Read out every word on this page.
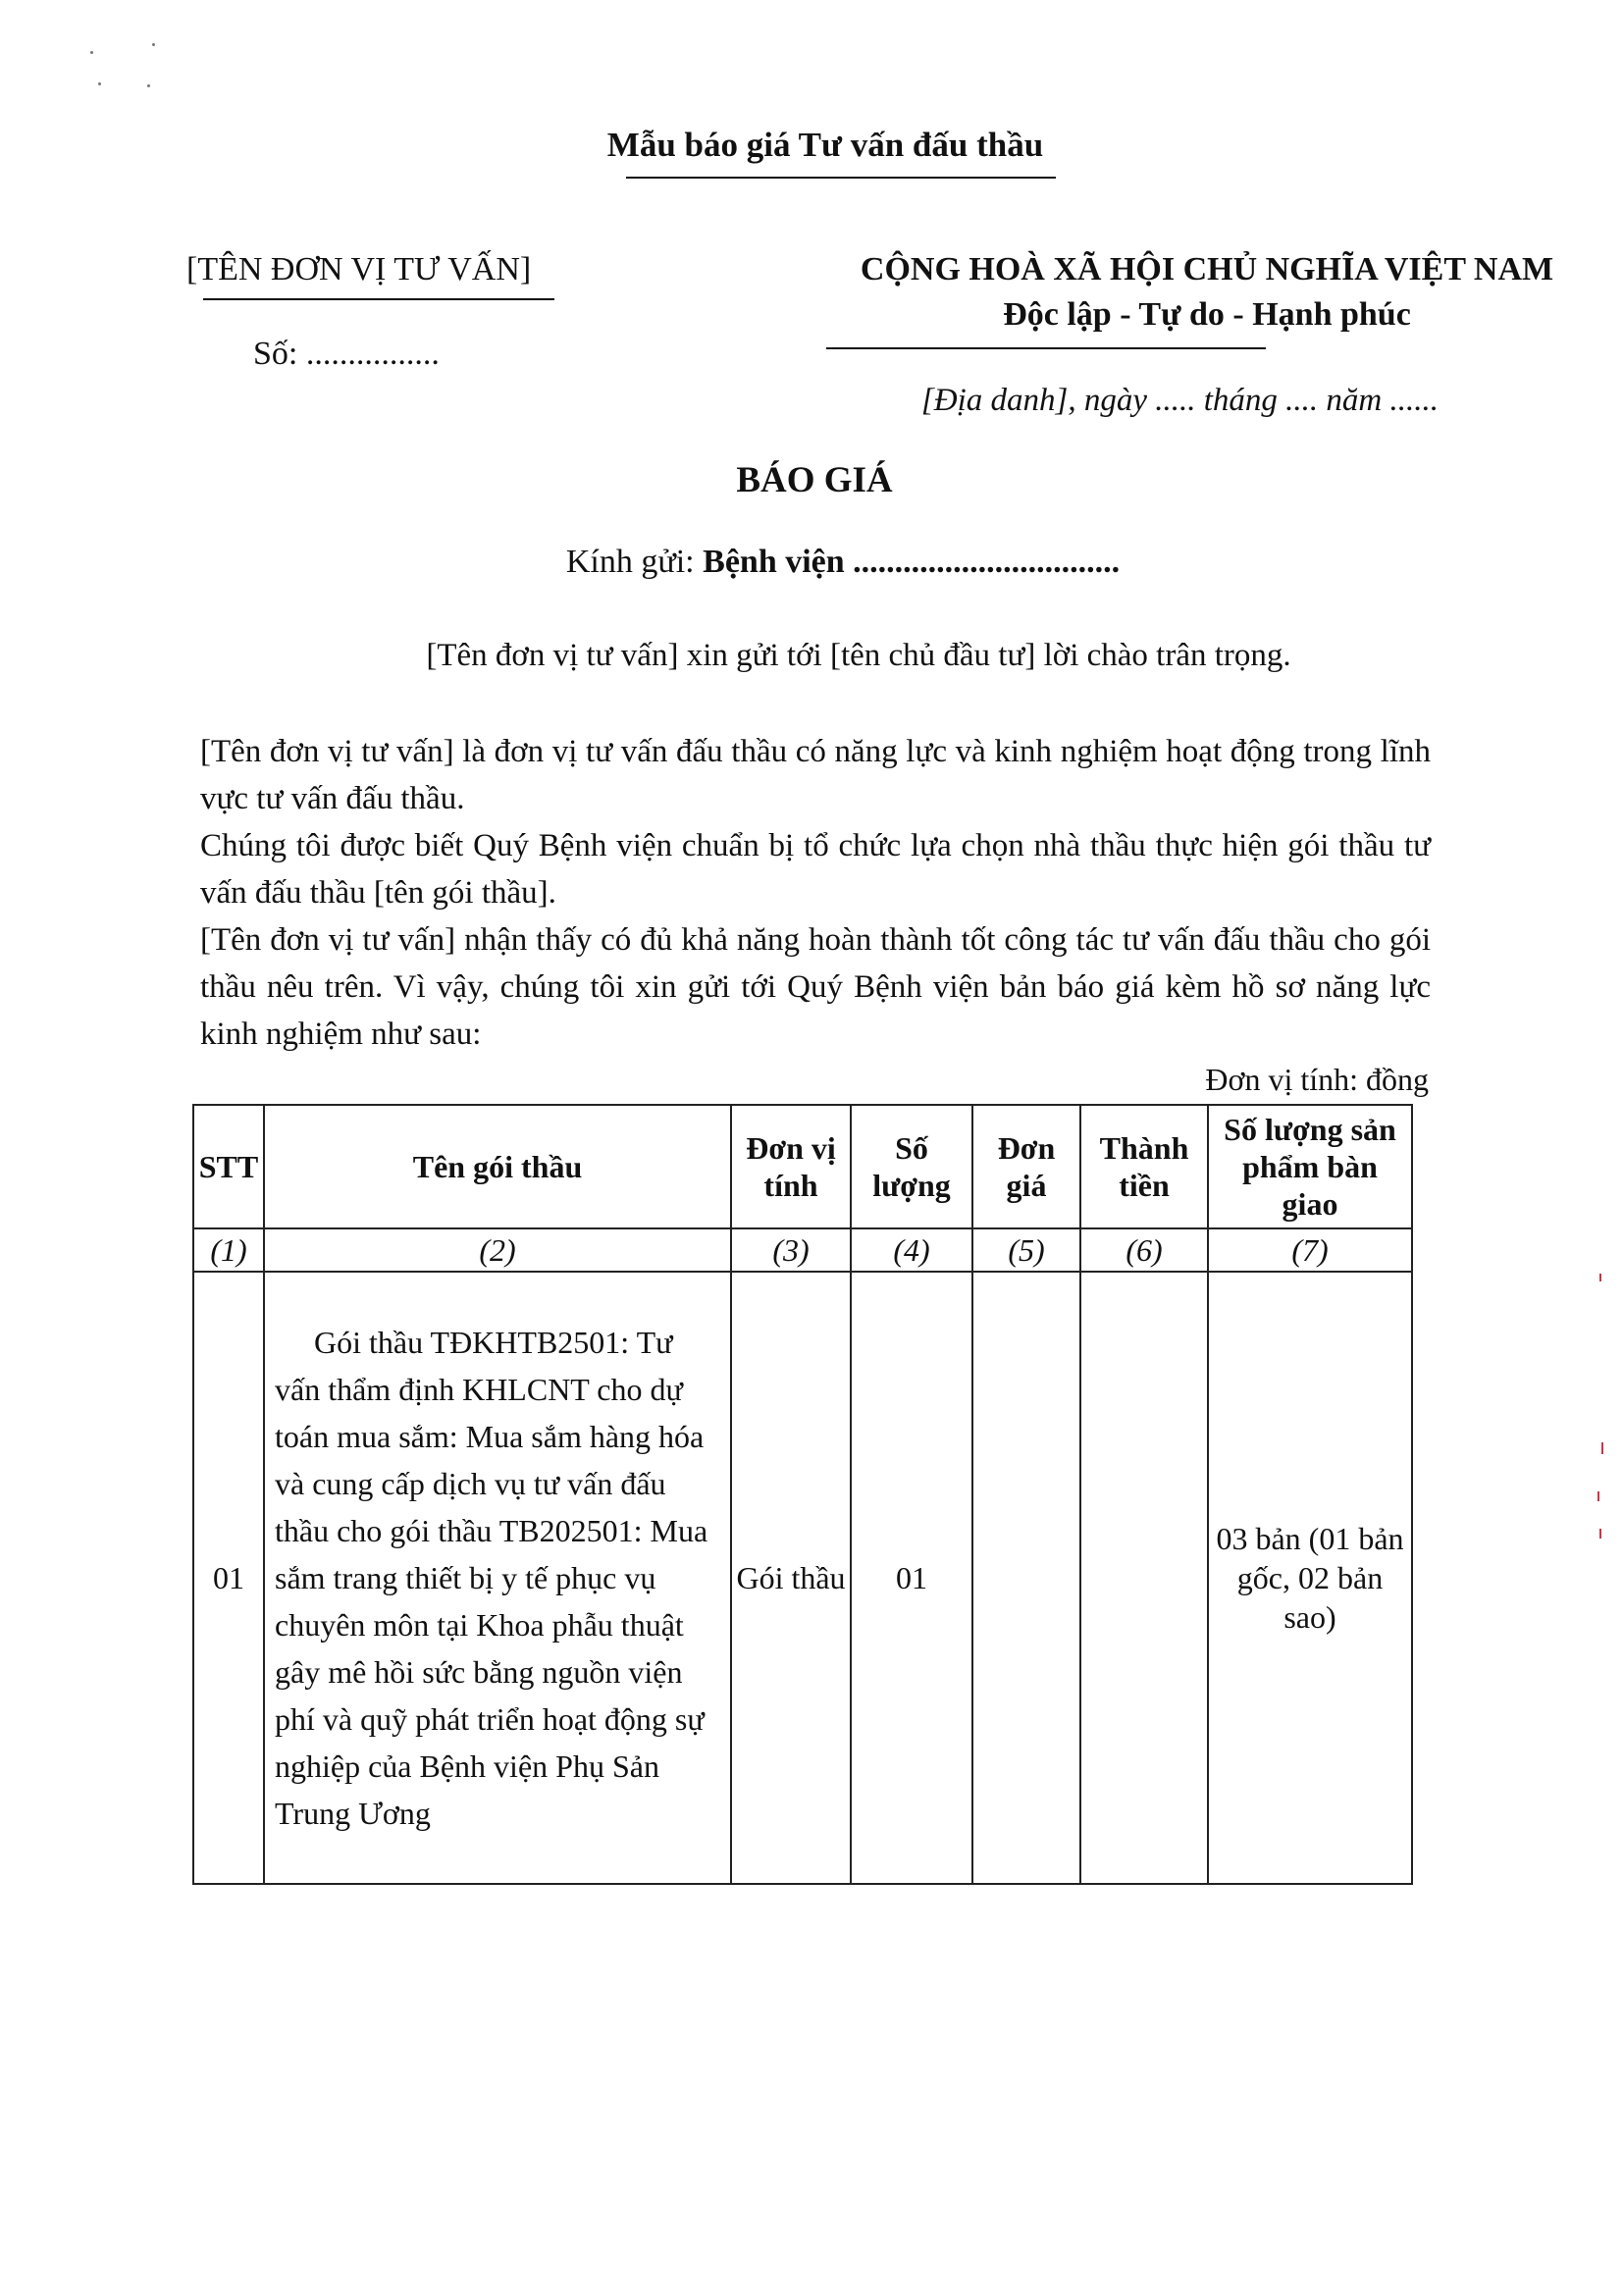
Mẫu báo giá Tư vấn đấu thầu
[TÊN ĐƠN VỊ TƯ VẤN]
Số: ................
CỘNG HOÀ XÃ HỘI CHỦ NGHĨA VIỆT NAM
Độc lập - Tự do - Hạnh phúc
[Địa danh], ngày ..... tháng .... năm ......
BÁO GIÁ
Kính gửi: Bệnh viện ................................
[Tên đơn vị tư vấn] xin gửi tới [tên chủ đầu tư] lời chào trân trọng.
[Tên đơn vị tư vấn] là đơn vị tư vấn đấu thầu có năng lực và kinh nghiệm hoạt động trong lĩnh vực tư vấn đấu thầu.
Chúng tôi được biết Quý Bệnh viện chuẩn bị tổ chức lựa chọn nhà thầu thực hiện gói thầu tư vấn đấu thầu [tên gói thầu].
[Tên đơn vị tư vấn] nhận thấy có đủ khả năng hoàn thành tốt công tác tư vấn đấu thầu cho gói thầu nêu trên. Vì vậy, chúng tôi xin gửi tới Quý Bệnh viện bản báo giá kèm hồ sơ năng lực kinh nghiệm như sau:
Đơn vị tính: đồng
STT	Tên gói thầu	Đơn vị tính	Số lượng	Đơn giá	Thành tiền	Số lượng sản phẩm bàn giao
(1)	(2)	(3)	(4)	(5)	(6)	(7)
01	Gói thầu TĐKHTB2501: Tư vấn thẩm định KHLCNT cho dự toán mua sắm: Mua sắm hàng hóa và cung cấp dịch vụ tư vấn đấu thầu cho gói thầu TB202501: Mua sắm trang thiết bị y tế phục vụ chuyên môn tại Khoa phẫu thuật gây mê hồi sức bằng nguồn viện phí và quỹ phát triển hoạt động sự nghiệp của Bệnh viện Phụ Sản Trung Ương	Gói thầu	01			03 bản (01 bản gốc, 02 bản sao)
